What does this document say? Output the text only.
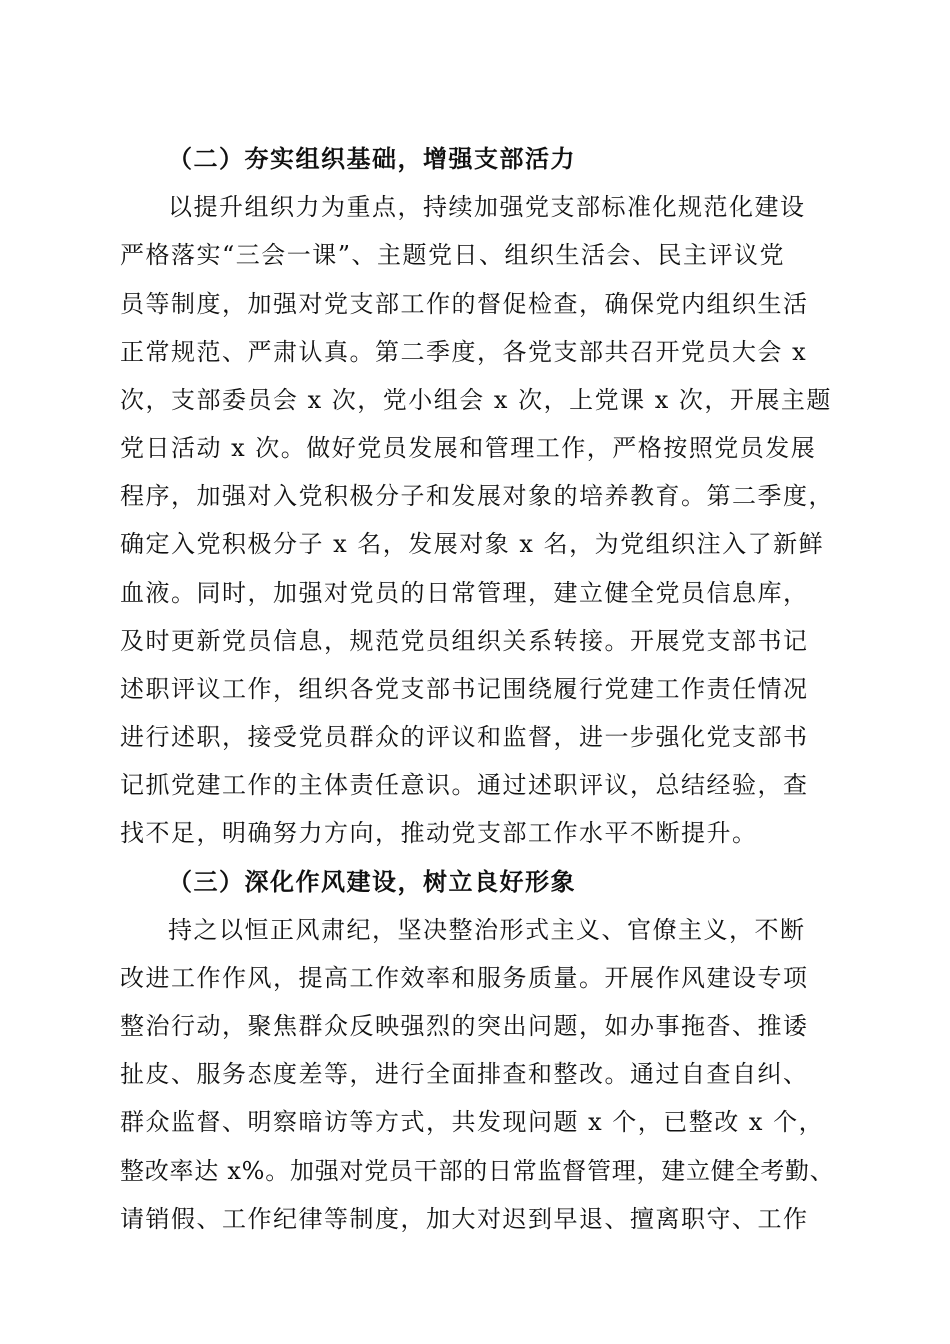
（二）夯实组织基础，增强支部活力
以提升组织力为重点，持续加强党支部标准化规范化建设
严格落实“三会一课”、主题党日、组织生活会、民主评议党
员等制度，加强对党支部工作的督促检查，确保党内组织生活
正常规范、严肃认真。第二季度，各党支部共召开党员大会 x
次，支部委员会 x 次，党小组会 x 次，上党课 x 次，开展主题
党日活动 x 次。做好党员发展和管理工作，严格按照党员发展
程序，加强对入党积极分子和发展对象的培养教育。第二季度，
确定入党积极分子 x 名，发展对象 x 名，为党组织注入了新鲜
血液。同时，加强对党员的日常管理，建立健全党员信息库，
及时更新党员信息，规范党员组织关系转接。开展党支部书记
述职评议工作，组织各党支部书记围绕履行党建工作责任情况
进行述职，接受党员群众的评议和监督，进一步强化党支部书
记抓党建工作的主体责任意识。通过述职评议，总结经验，查
找不足，明确努力方向，推动党支部工作水平不断提升。
（三）深化作风建设，树立良好形象
持之以恒正风肃纪，坚决整治形式主义、官僚主义，不断
改进工作作风，提高工作效率和服务质量。开展作风建设专项
整治行动，聚焦群众反映强烈的突出问题，如办事拖沓、推诿
扯皮、服务态度差等，进行全面排查和整改。通过自查自纠、
群众监督、明察暗访等方式，共发现问题 x 个，已整改 x 个，
整改率达 x%。加强对党员干部的日常监督管理，建立健全考勤、
请销假、工作纪律等制度，加大对迟到早退、擅离职守、工作
